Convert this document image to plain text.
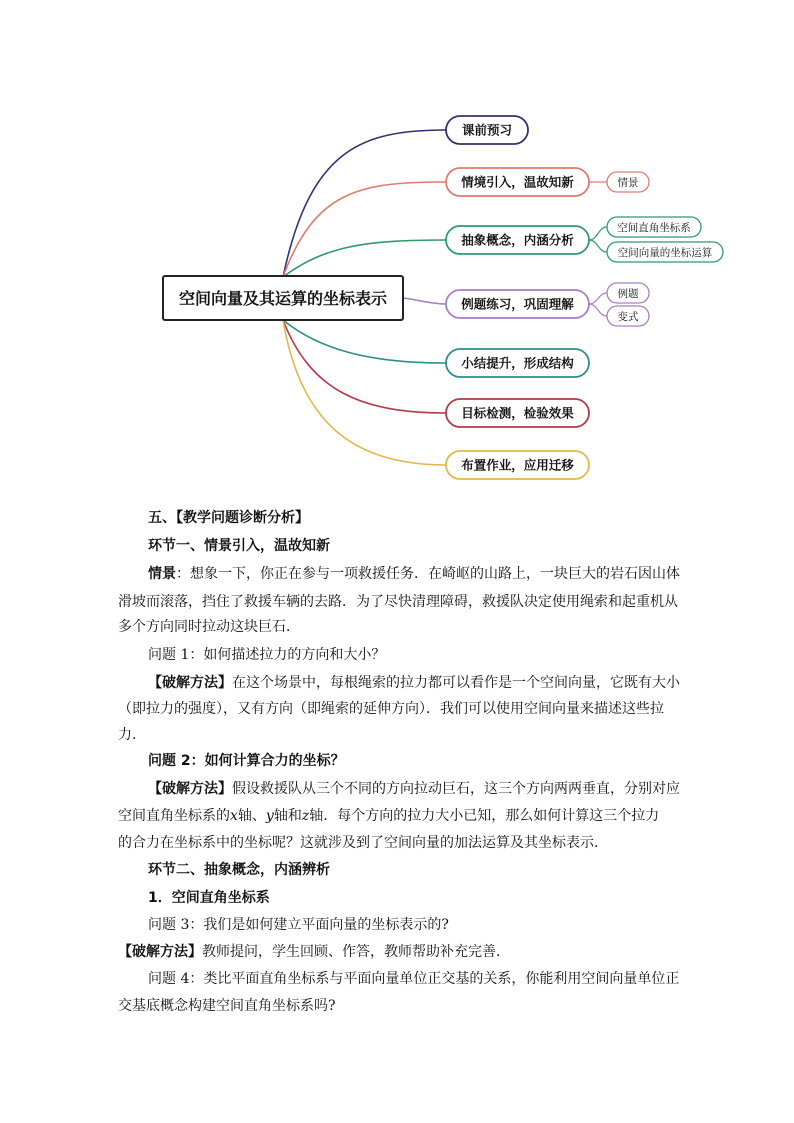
空间向量及其运算的坐标表示
课前预习
情境引入，温故知新
抽象概念，内涵分析
例题练习，巩固理解
小结提升，形成结构
目标检测，检验效果
布置作业，应用迁移
情景
空间直角坐标系
空间向量的坐标运算
例题
变式
五、【教学问题诊断分析】
环节一、情景引入，温故知新
情景：想象一下，你正在参与一项救援任务．在崎岖的山路上，一块巨大的岩石因山体
滑坡而滚落，挡住了救援车辆的去路．为了尽快清理障碍，救援队决定使用绳索和起重机从
多个方向同时拉动这块巨石．
问题 1：如何描述拉力的方向和大小？
【破解方法】在这个场景中，每根绳索的拉力都可以看作是一个空间向量，它既有大小
（即拉力的强度），又有方向（即绳索的延伸方向）．我们可以使用空间向量来描述这些拉
力．
问题 2：如何计算合力的坐标？
【破解方法】假设救援队从三个不同的方向拉动巨石，这三个方向两两垂直，分别对应
空间直角坐标系的x轴、y轴和z轴．每个方向的拉力大小已知，那么如何计算这三个拉力
的合力在坐标系中的坐标呢？这就涉及到了空间向量的加法运算及其坐标表示．
环节二、抽象概念，内涵辨析
1．空间直角坐标系
问题 3：我们是如何建立平面向量的坐标表示的?
【破解方法】教师提问，学生回顾、作答，教师帮助补充完善．
问题 4：类比平面直角坐标系与平面向量单位正交基的关系，你能利用空间向量单位正
交基底概念构建空间直角坐标系吗?
